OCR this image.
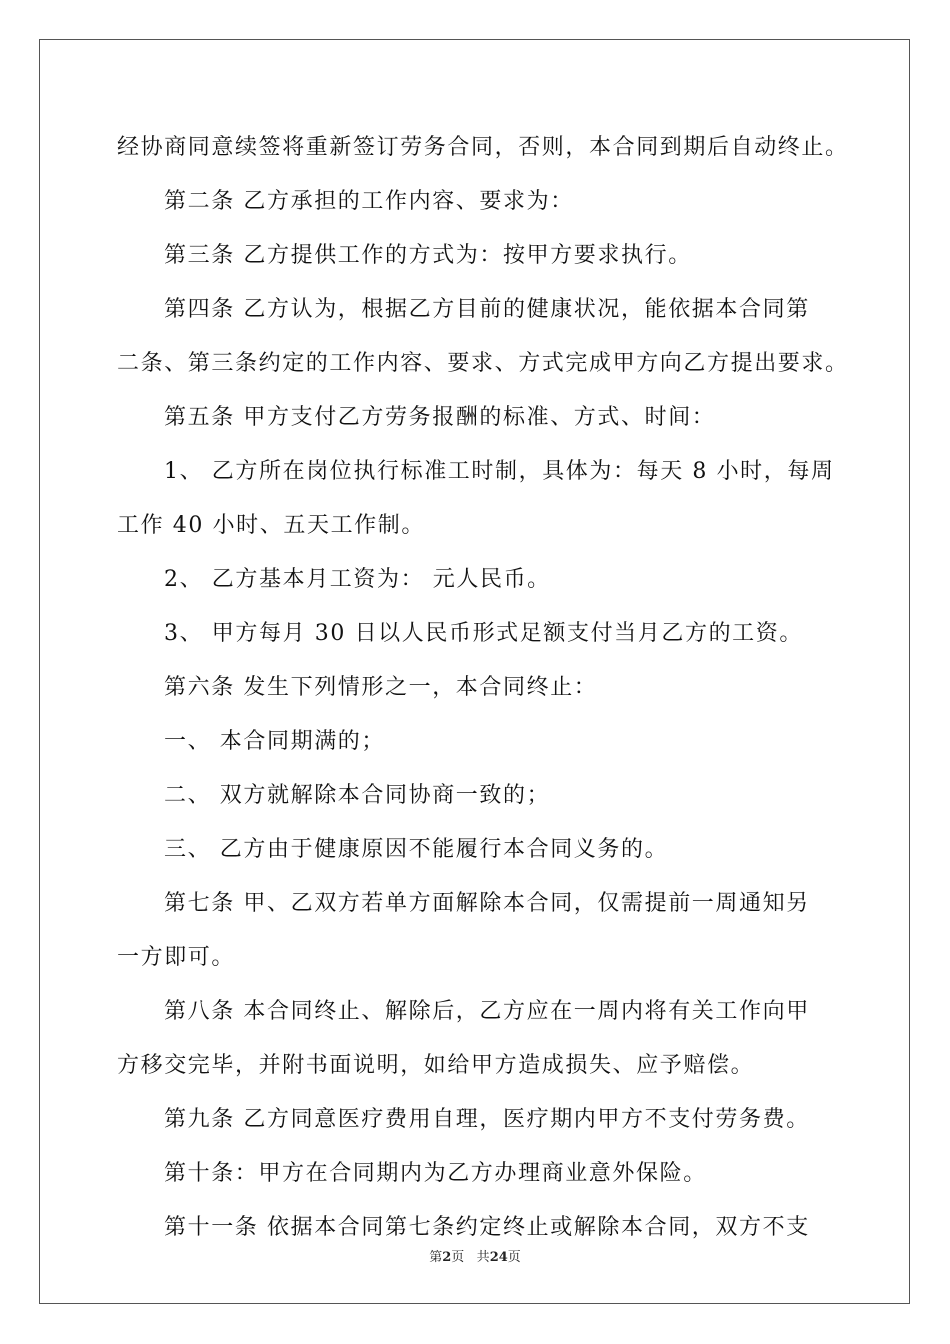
经协商同意续签将重新签订劳务合同，否则，本合同到期后自动终止。
第二条 乙方承担的工作内容、要求为：
第三条 乙方提供工作的方式为：按甲方要求执行。
第四条 乙方认为，根据乙方目前的健康状况，能依据本合同第
二条、第三条约定的工作内容、要求、方式完成甲方向乙方提出要求。
第五条 甲方支付乙方劳务报酬的标准、方式、时间：
1、 乙方所在岗位执行标准工时制，具体为：每天 8 小时，每周
工作 40 小时、五天工作制。
2、 乙方基本月工资为： 元人民币。
3、 甲方每月 30 日以人民币形式足额支付当月乙方的工资。
第六条 发生下列情形之一，本合同终止：
一、 本合同期满的；
二、 双方就解除本合同协商一致的；
三、 乙方由于健康原因不能履行本合同义务的。
第七条 甲、乙双方若单方面解除本合同，仅需提前一周通知另
一方即可。
第八条 本合同终止、解除后，乙方应在一周内将有关工作向甲
方移交完毕，并附书面说明，如给甲方造成损失、应予赔偿。
第九条 乙方同意医疗费用自理，医疗期内甲方不支付劳务费。
第十条：甲方在合同期内为乙方办理商业意外保险。
第十一条 依据本合同第七条约定终止或解除本合同，双方不支
第2页 共24页
